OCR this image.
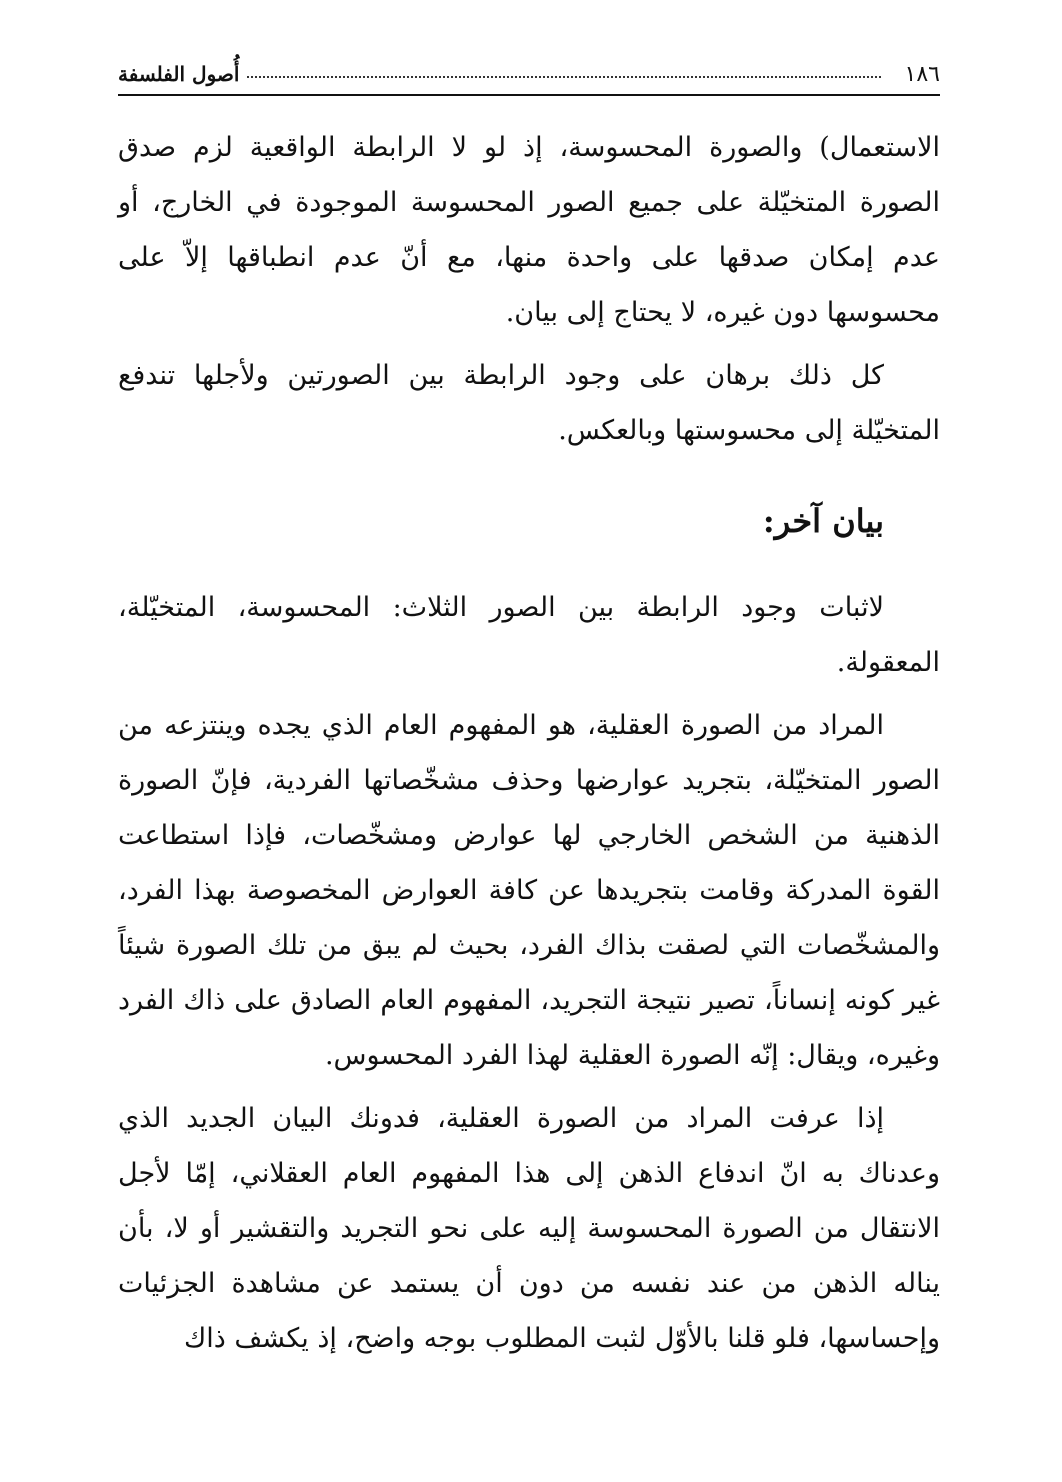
١٨٦
أُصول الفلسفة

الاستعمال) والصورة المحسوسة، إذ لو لا الرابطة الواقعية لزم صدق الصورة المتخيّلة على جميع الصور المحسوسة الموجودة في الخارج، أو عدم إمكان صدقها على واحدة منها، مع أنّ عدم انطباقها إلاّ على محسوسها دون غيره، لا يحتاج إلى بيان.

كل ذلك برهان على وجود الرابطة بين الصورتين ولأجلها تندفع المتخيّلة إلى محسوستها وبالعكس.

بيان آخر:

لاثبات وجود الرابطة بين الصور الثلاث: المحسوسة، المتخيّلة، المعقولة.

المراد من الصورة العقلية، هو المفهوم العام الذي يجده وينتزعه من الصور المتخيّلة، بتجريد عوارضها وحذف مشخّصاتها الفردية، فإنّ الصورة الذهنية من الشخص الخارجي لها عوارض ومشخّصات، فإذا استطاعت القوة المدركة وقامت بتجريدها عن كافة العوارض المخصوصة بهذا الفرد، والمشخّصات التي لصقت بذاك الفرد، بحيث لم يبق من تلك الصورة شيئاً غير كونه إنساناً، تصير نتيجة التجريد، المفهوم العام الصادق على ذاك الفرد وغيره، ويقال: إنّه الصورة العقلية لهذا الفرد المحسوس.

إذا عرفت المراد من الصورة العقلية، فدونك البيان الجديد الذي وعدناك به انّ اندفاع الذهن إلى هذا المفهوم العام العقلاني، إمّا لأجل الانتقال من الصورة المحسوسة إليه على نحو التجريد والتقشير أو لا، بأن يناله الذهن من عند نفسه من دون أن يستمد عن مشاهدة الجزئيات وإحساسها، فلو قلنا بالأوّل لثبت المطلوب بوجه واضح، إذ يكشف ذاك
